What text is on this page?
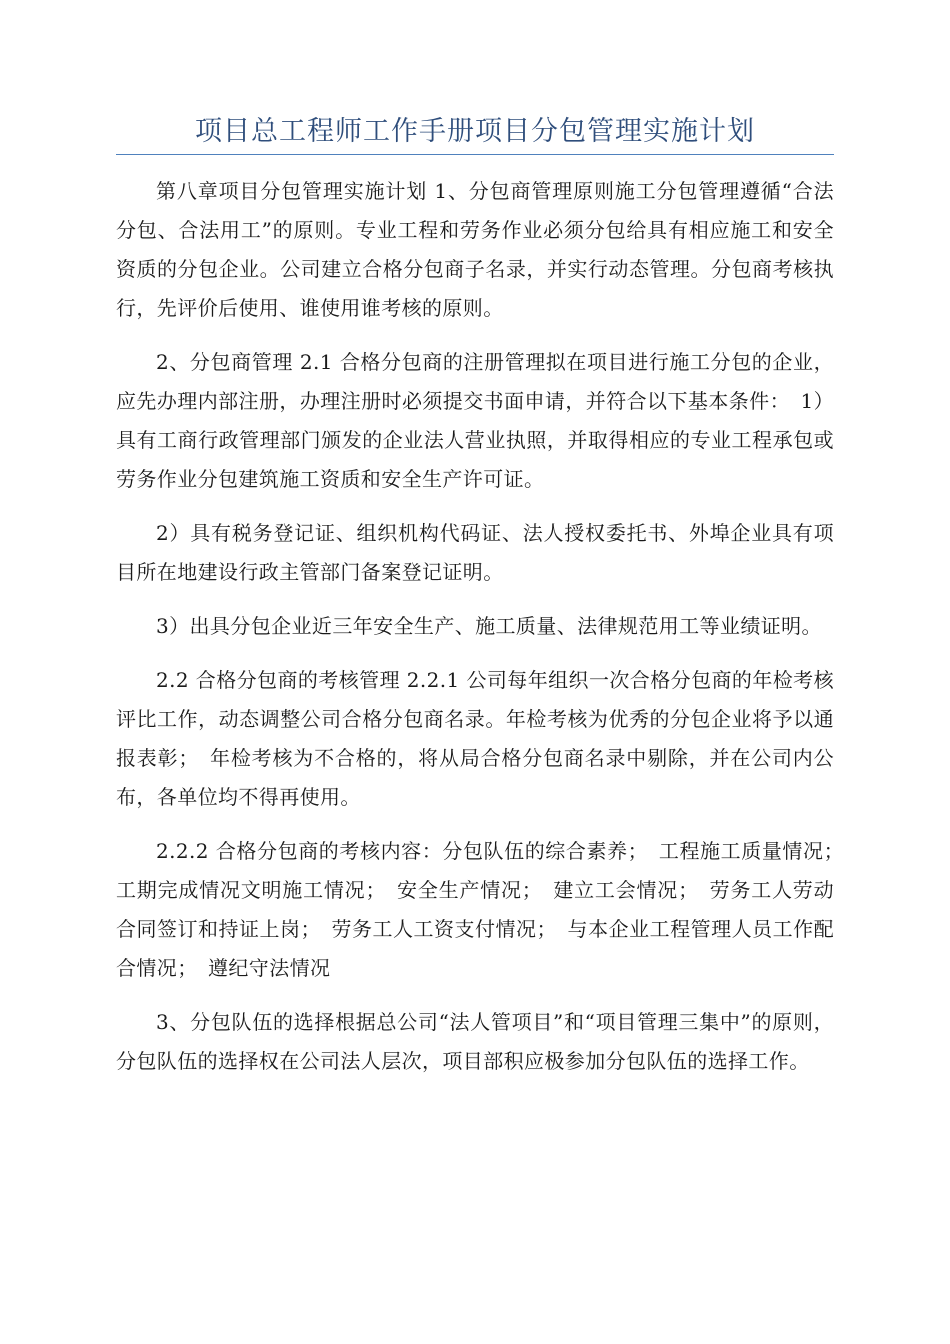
项目总工程师工作手册项目分包管理实施计划

第八章项目分包管理实施计划 1、分包商管理原则施工分包管理遵循“合法分包、合法用工”的原则。专业工程和劳务作业必须分包给具有相应施工和安全资质的分包企业。公司建立合格分包商子名录，并实行动态管理。分包商考核执行，先评价后使用、谁使用谁考核的原则。

2、分包商管理 2.1 合格分包商的注册管理拟在项目进行施工分包的企业，应先办理内部注册，办理注册时必须提交书面申请，并符合以下基本条件：　1）具有工商行政管理部门颁发的企业法人营业执照，并取得相应的专业工程承包或劳务作业分包建筑施工资质和安全生产许可证。

2）具有税务登记证、组织机构代码证、法人授权委托书、外埠企业具有项目所在地建设行政主管部门备案登记证明。

3）出具分包企业近三年安全生产、施工质量、法律规范用工等业绩证明。

2.2 合格分包商的考核管理 2.2.1 公司每年组织一次合格分包商的年检考核评比工作，动态调整公司合格分包商名录。年检考核为优秀的分包企业将予以通报表彰；　年检考核为不合格的，将从局合格分包商名录中剔除，并在公司内公布，各单位均不得再使用。

2.2.2 合格分包商的考核内容：分包队伍的综合素养；　工程施工质量情况；　工期完成情况文明施工情况；　安全生产情况；　建立工会情况；　劳务工人劳动合同签订和持证上岗；　劳务工人工资支付情况；　与本企业工程管理人员工作配合情况；　遵纪守法情况

3、分包队伍的选择根据总公司“法人管项目”和“项目管理三集中”的原则，分包队伍的选择权在公司法人层次，项目部积应极参加分包队伍的选择工作。
